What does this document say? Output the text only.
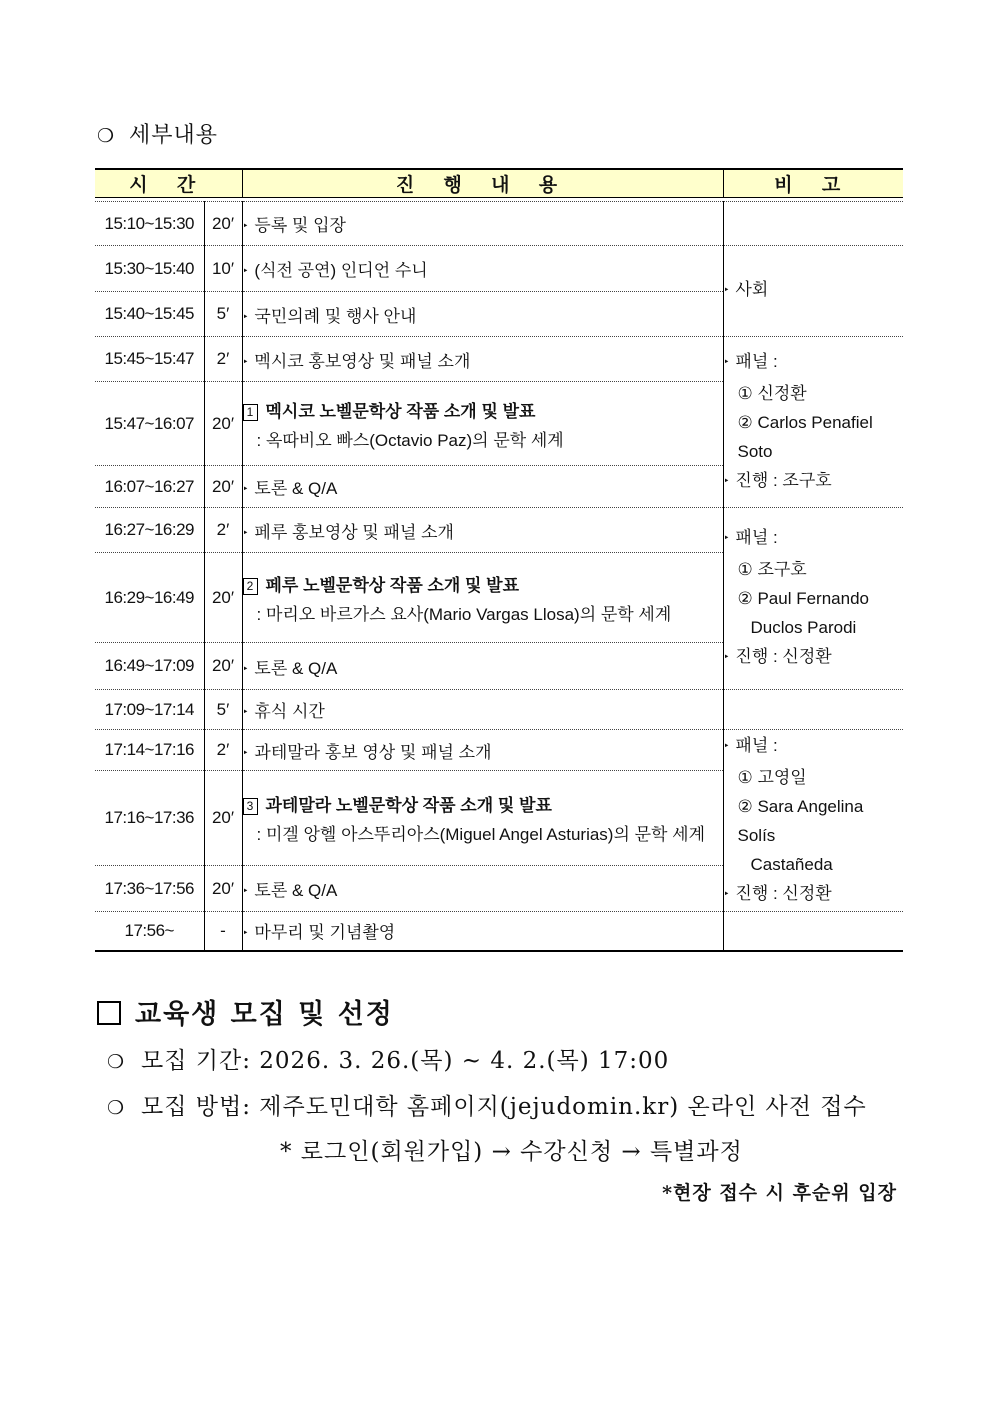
❍ 세부내용
시 간		진 행 내 용	비 고

15:10~15:30	20′	‣ 등록 및 입장	
15:30~15:40	10′	‣ (식전 공연) 인디언 수니	‣ 사회
15:40~15:45	5′	‣ 국민의례 및 행사 안내	
15:45~15:47	2′	‣ 멕시코 홍보영상 및 패널 소개	‣ 패널 :
① 신정환
② Carlos Penafiel Soto
‣ 진행 : 조구호

15:47~16:07	20′	1 멕시코 노벨문학상 작품 소개 및 발표
: 옥따비오 빠스(Octavio Paz)의 문학 세계	

16:07~16:27	20′	‣ 토론 & Q/A	
16:27~16:29	2′	‣ 페루 홍보영상 및 패널 소개	‣ 패널 :
① 조구호
② Paul Fernando
Duclos Parodi
‣ 진행 : 신정환

16:29~16:49	20′	2 페루 노벨문학상 작품 소개 및 발표
: 마리오 바르가스 요사(Mario Vargas Llosa)의 문학 세계	

16:49~17:09	20′	‣ 토론 & Q/A	
17:09~17:14	5′	‣ 휴식 시간	
17:14~17:16	2′	‣ 과테말라 홍보 영상 및 패널 소개	‣ 패널 :
① 고영일
② Sara Angelina Solís
Castañeda
‣ 진행 : 신정환

17:16~17:36	20′	3 과테말라 노벨문학상 작품 소개 및 발표
: 미겔 앙헬 아스뚜리아스(Miguel Angel Asturias)의 문학 세계	

17:36~17:56	20′	‣ 토론 & Q/A	
17:56~	-	‣ 마무리 및 기념촬영	
교육생 모집 및 선정
❍ 모집 기간: 2026. 3. 26.(목) ~ 4. 2.(목) 17:00
❍ 모집 방법: 제주도민대학 홈페이지(jejudomin.kr) 온라인 사전 접수
* 로그인(회원가입) → 수강신청 → 특별과정
*현장 접수 시 후순위 입장
